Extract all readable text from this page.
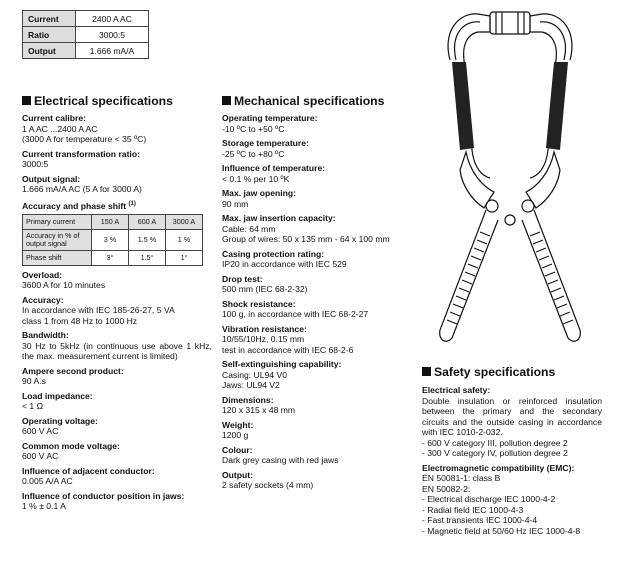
Current	2400 A AC
Ratio	3000:5
Output	1.666 mA/A
Electrical specifications
Current calibre:
1 A AC ...2400 A AC
(3000 A for temperature < 35 ºC)
Current transformation ratio:
3000:5
Output signal:
1.666 mA/A AC (5 A for 3000 A)
Accuracy and phase shift $^{(1)}$
Primary current	150 A	600 A	3000 A
Accuracy in % of output signal	3 %	1.5 %	1 %
Phase shift	3°	1.5°	1°
Overload:
3600 A for 10 minutes
Accuracy:
In accordance with IEC 185-26-27, 5 VA
class 1 from 48 Hz to 1000 Hz
Bandwidth:
30 Hz to 5kHz (in continuous use above 1 kHz, the max. measurement current is limited)
Ampere second product:
90 A.s
Load impedance:
< 1 Ω
Operating voltage:
600 V AC
Common mode voltage:
600 V AC
Influence of adjacent conductor:
0.005 A/A AC
Influence of conductor position in jaws:
1 % ± 0.1 A
Mechanical specifications
Operating temperature:
-10 ºC to +50 ºC
Storage temperature:
-25 ºC to +80 ºC
Influence of temperature:
< 0.1 % per 10 ºK
Max. jaw opening:
90 mm
Max. jaw insertion capacity:
Cable: 64 mm
Group of wires: 50 x 135 mm - 64 x 100 mm
Casing protection rating:
IP20 in accordance with IEC 529
Drop test:
500 mm (IEC 68-2-32)
Shock resistance:
100 g, in accordance with IEC 68-2-27
Vibration resistance:
10/55/10Hz, 0.15 mm
test in accordance with IEC 68-2-6
Self-extinguishing capability:
Casing: UL94 V0
Jaws: UL94 V2
Dimensions:
120 x 315 x 48 mm
Weight:
1200 g
Colour:
Dark grey casing with red jaws
Output:
2 safety sockets (4 mm)
Safety specifications
Electrical safety:
Double insulation or reinforced insulation between the primary and the secondary circuits and the outside casing in accordance with IEC 1010-2-032.
- 600 V category III, pollution degree 2
- 300 V category IV, pollution degree 2
Electromagnetic compatibility (EMC):
EN 50081-1: class B
EN 50082-2:
- Electrical discharge IEC 1000-4-2
- Radial field IEC 1000-4-3
- Fast transients IEC 1000-4-4
- Magnetic field at 50/60 Hz IEC 1000-4-8
